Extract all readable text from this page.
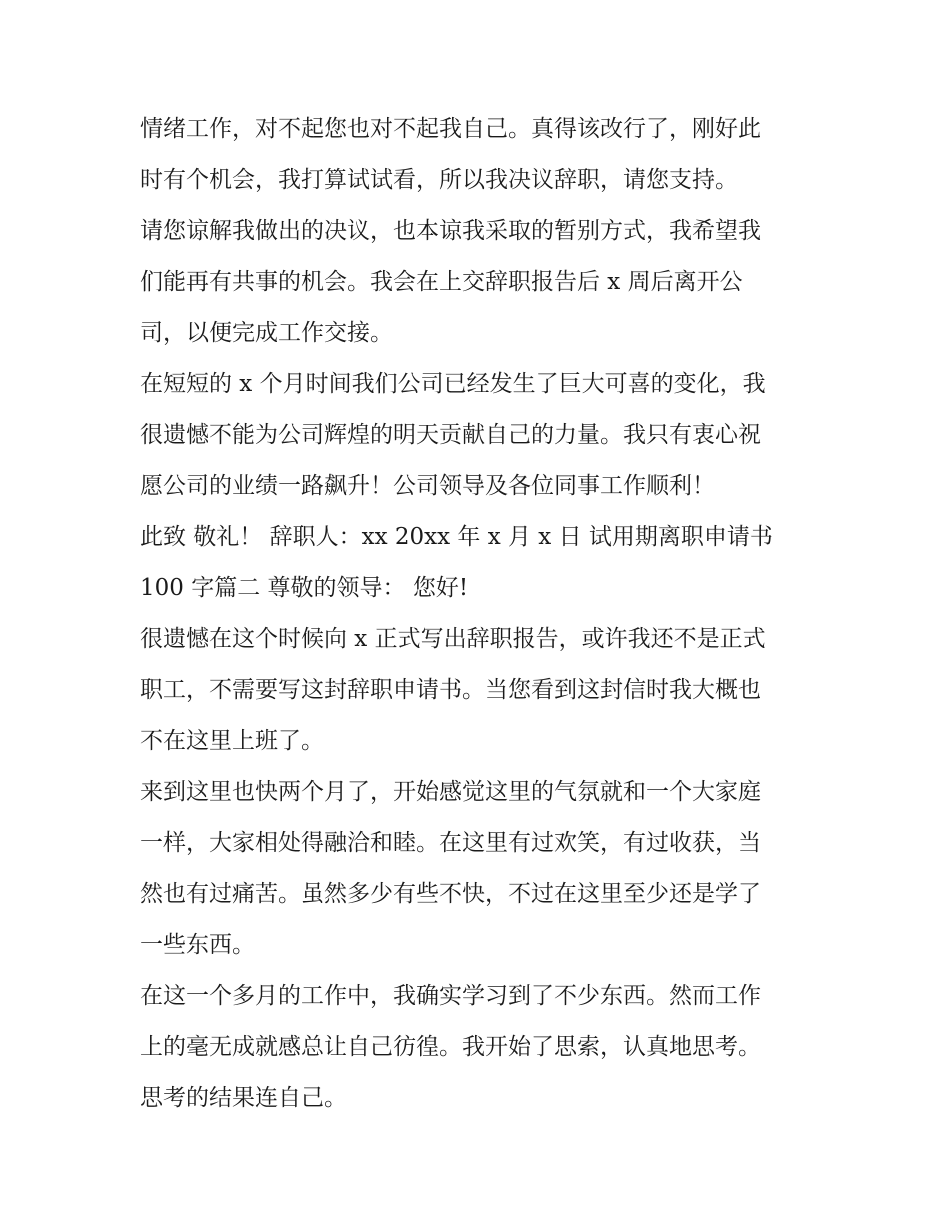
情绪工作，对不起您也对不起我自己。真得该改行了，刚好此
时有个机会，我打算试试看，所以我决议辞职，请您支持。
请您谅解我做出的决议，也本谅我采取的暂别方式，我希望我
们能再有共事的机会。我会在上交辞职报告后 x 周后离开公
司，以便完成工作交接。
在短短的 x 个月时间我们公司已经发生了巨大可喜的变化，我
很遗憾不能为公司辉煌的明天贡献自己的力量。我只有衷心祝
愿公司的业绩一路飙升！公司领导及各位同事工作顺利！
此致 敬礼！ 辞职人：xx 20xx 年 x 月 x 日 试用期离职申请书
100 字篇二 尊敬的领导： 您好!
很遗憾在这个时候向 x 正式写出辞职报告，或许我还不是正式
职工，不需要写这封辞职申请书。当您看到这封信时我大概也
不在这里上班了。
来到这里也快两个月了，开始感觉这里的气氛就和一个大家庭
一样，大家相处得融洽和睦。在这里有过欢笑，有过收获，当
然也有过痛苦。虽然多少有些不快，不过在这里至少还是学了
一些东西。
在这一个多月的工作中，我确实学习到了不少东西。然而工作
上的毫无成就感总让自己彷徨。我开始了思索，认真地思考。
思考的结果连自己。
